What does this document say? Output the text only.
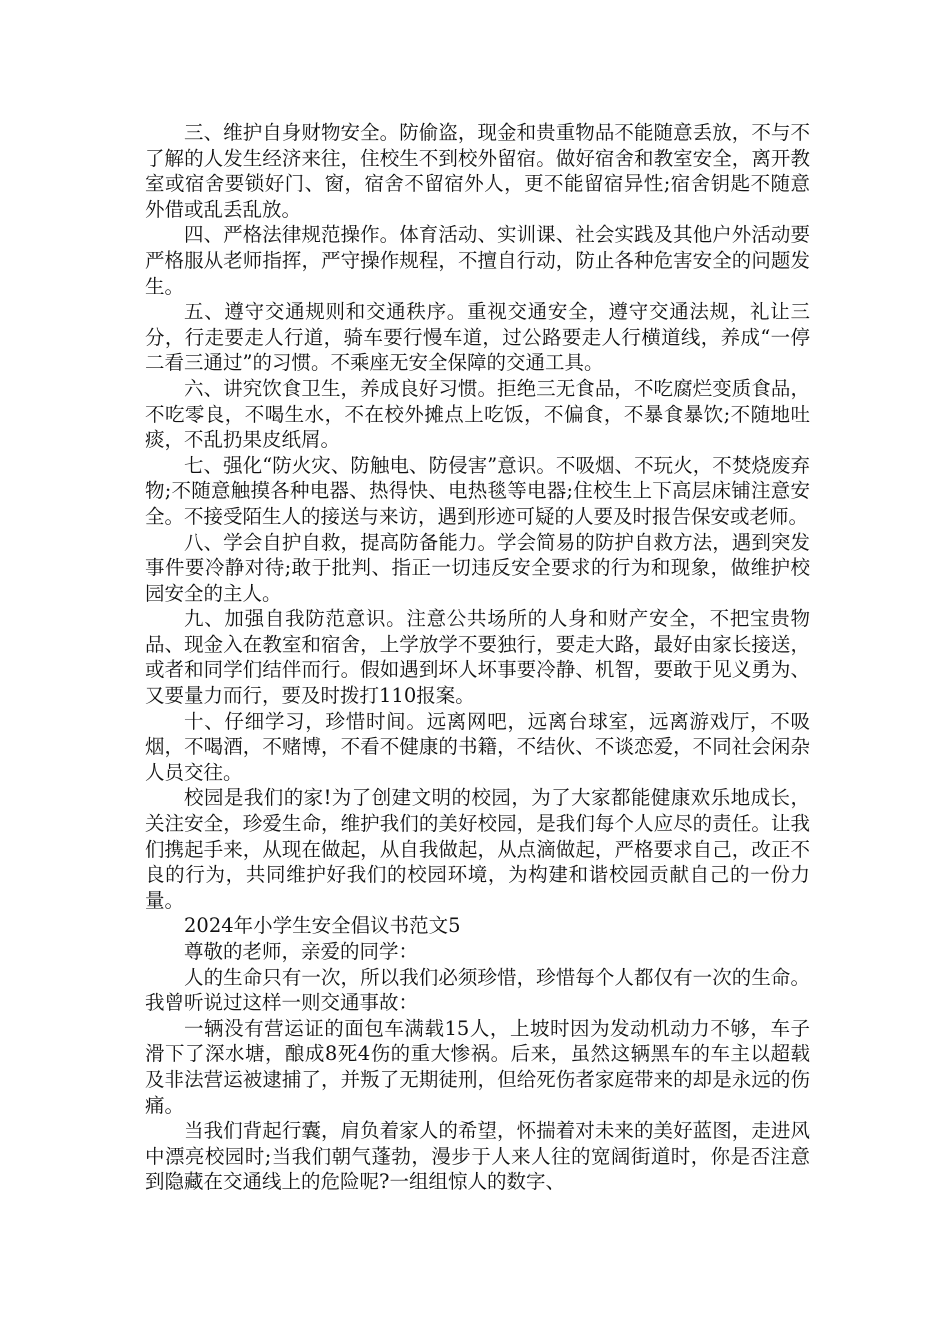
三、维护自身财物安全。防偷盗，现金和贵重物品不能随意丢放，不与不了解的人发生经济来往，住校生不到校外留宿。做好宿舍和教室安全，离开教室或宿舍要锁好门、窗，宿舍不留宿外人，更不能留宿异性;宿舍钥匙不随意外借或乱丢乱放。

四、严格法律规范操作。体育活动、实训课、社会实践及其他户外活动要严格服从老师指挥，严守操作规程，不擅自行动，防止各种危害安全的问题发生。

五、遵守交通规则和交通秩序。重视交通安全，遵守交通法规，礼让三分，行走要走人行道，骑车要行慢车道，过公路要走人行横道线，养成“一停二看三通过”的习惯。不乘座无安全保障的交通工具。

六、讲究饮食卫生，养成良好习惯。拒绝三无食品，不吃腐烂变质食品，不吃零良，不喝生水，不在校外摊点上吃饭，不偏食，不暴食暴饮;不随地吐痰，不乱扔果皮纸屑。

七、强化“防火灾、防触电、防侵害”意识。不吸烟、不玩火，不焚烧废弃物;不随意触摸各种电器、热得快、电热毯等电器;住校生上下高层床铺注意安全。不接受陌生人的接送与来访，遇到形迹可疑的人要及时报告保安或老师。

八、学会自护自救，提高防备能力。学会简易的防护自救方法，遇到突发事件要冷静对待;敢于批判、指正一切违反安全要求的行为和现象，做维护校园安全的主人。

九、加强自我防范意识。注意公共场所的人身和财产安全，不把宝贵物品、现金入在教室和宿舍，上学放学不要独行，要走大路，最好由家长接送，或者和同学们结伴而行。假如遇到坏人坏事要冷静、机智，要敢于见义勇为、又要量力而行，要及时拨打110报案。

十、仔细学习，珍惜时间。远离网吧，远离台球室，远离游戏厅，不吸烟，不喝酒，不赌博，不看不健康的书籍，不结伙、不谈恋爱，不同社会闲杂人员交往。

校园是我们的家!为了创建文明的校园，为了大家都能健康欢乐地成长，关注安全，珍爱生命，维护我们的美好校园，是我们每个人应尽的责任。让我们携起手来，从现在做起，从自我做起，从点滴做起，严格要求自己，改正不良的行为，共同维护好我们的校园环境，为构建和谐校园贡献自己的一份力量。

2024年小学生安全倡议书范文5

尊敬的老师，亲爱的同学：

人的生命只有一次，所以我们必须珍惜，珍惜每个人都仅有一次的生命。我曾听说过这样一则交通事故：

一辆没有营运证的面包车满载15人，上坡时因为发动机动力不够，车子滑下了深水塘，酿成8死4伤的重大惨祸。后来，虽然这辆黑车的车主以超载及非法营运被逮捕了，并叛了无期徒刑，但给死伤者家庭带来的却是永远的伤痛。

当我们背起行囊，肩负着家人的希望，怀揣着对未来的美好蓝图，走进风中漂亮校园时;当我们朝气蓬勃，漫步于人来人往的宽阔街道时，你是否注意到隐藏在交通线上的危险呢?一组组惊人的数字、
